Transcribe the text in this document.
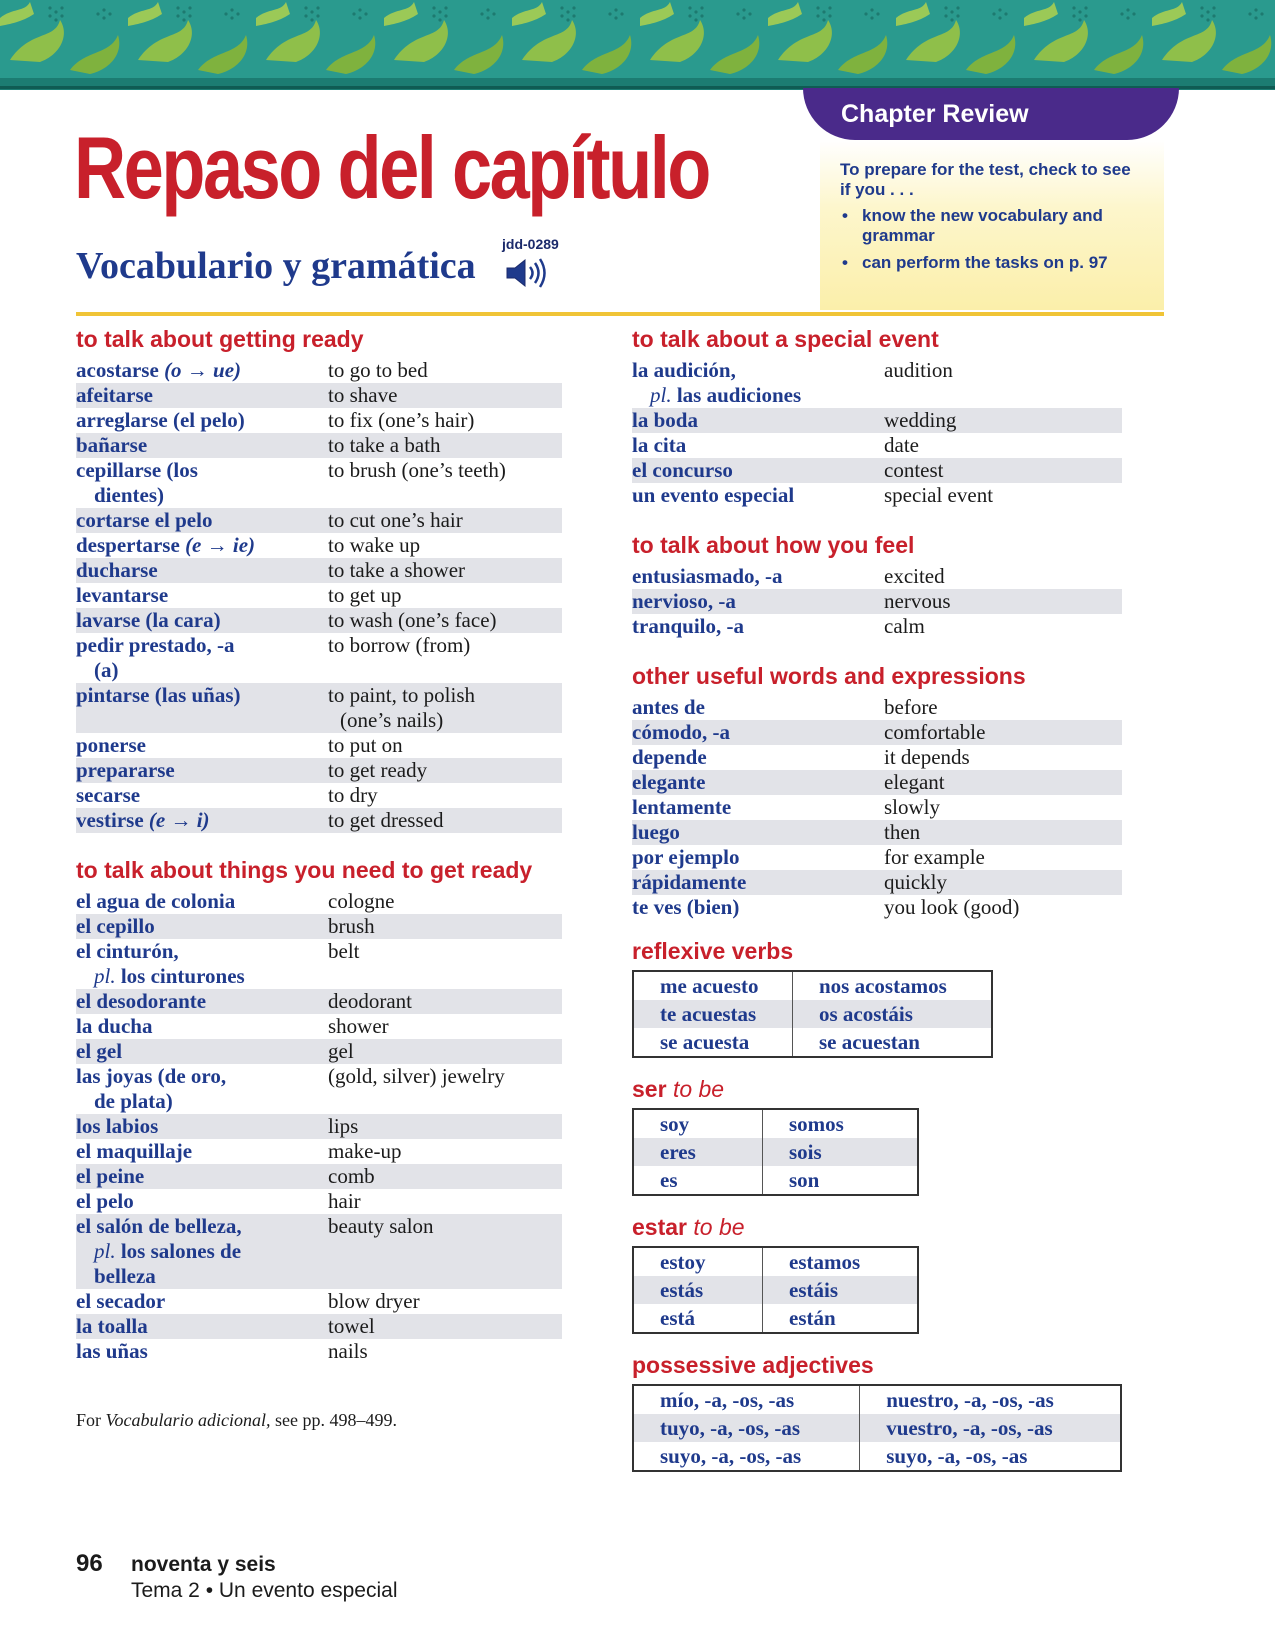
Repaso del capítulo
Vocabulario y gramática
jdd-0289
Chapter Review
To prepare for the test, check to see if you . . .
• know the new vocabulary and grammar
• can perform the tasks on p. 97
to talk about getting ready
acostarse (o → ue)	to go to bed
afeitarse	to shave
arreglarse (el pelo)	to fix (one’s hair)
bañarse	to take a bath
cepillarse (los
dientes)	to brush (one’s teeth)
cortarse el pelo	to cut one’s hair
despertarse (e → ie)	to wake up
ducharse	to take a shower
levantarse	to get up
lavarse (la cara)	to wash (one’s face)
pedir prestado, -a
(a)	to borrow (from)
pintarse (las uñas)	to paint, to polish
(one’s nails)

ponerse	to put on
prepararse	to get ready
secarse	to dry
vestirse (e → i)	to get dressed
to talk about things you need to get ready
el agua de colonia	cologne
el cepillo	brush
el cinturón,
pl. los cinturones	belt
el desodorante	deodorant
la ducha	shower
el gel	gel
las joyas (de oro,
de plata)	(gold, silver) jewelry
los labios	lips
el maquillaje	make-up
el peine	comb
el pelo	hair
el salón de belleza,
pl. los salones de
belleza	beauty salon
el secador	blow dryer
la toalla	towel
las uñas	nails
For Vocabulario adicional, see pp. 498–499.
to talk about a special event
la audición,
pl. las audiciones	audition
la boda	wedding
la cita	date
el concurso	contest
un evento especial	special event
to talk about how you feel
entusiasmado, -a	excited
nervioso, -a	nervous
tranquilo, -a	calm
other useful words and expressions
antes de	before
cómodo, -a	comfortable
depende	it depends
elegante	elegant
lentamente	slowly
luego	then
por ejemplo	for example
rápidamente	quickly
te ves (bien)	you look (good)
reflexive verbs
me acuesto	nos acostamos
te acuestas	os acostáis
se acuesta	se acuestan
ser to be
soy	somos
eres	sois
es	son
estar to be
estoy	estamos
estás	estáis
está	están
possessive adjectives
mío, -a, -os, -as	nuestro, -a, -os, -as
tuyo, -a, -os, -as	vuestro, -a, -os, -as
suyo, -a, -os, -as	suyo, -a, -os, -as
96 noventa y seis
Tema 2 • Un evento especial
